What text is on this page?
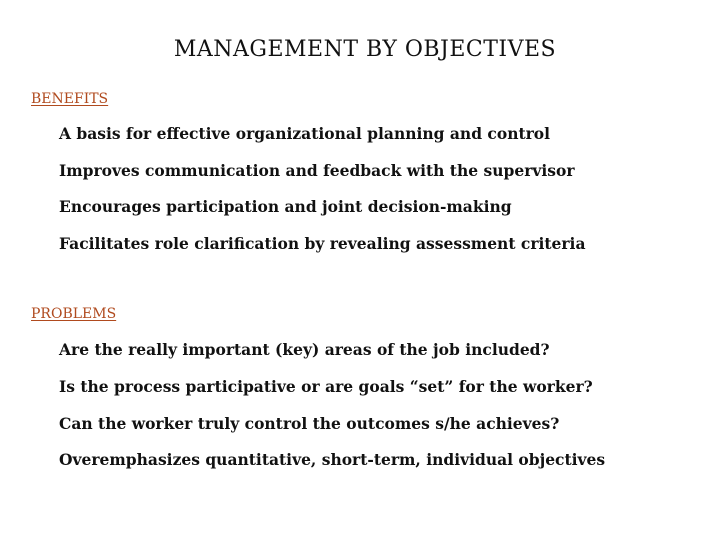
MANAGEMENT BY OBJECTIVES

BENEFITS

A basis for effective organizational planning and control

Improves communication and feedback with the supervisor

Encourages participation and joint decision-making

Facilitates role clarification by revealing assessment criteria

PROBLEMS

Are the really important (key) areas of the job included?

Is the process participative or are goals “set” for the worker?

Can the worker truly control the outcomes s/he achieves?

Overemphasizes quantitative, short-term, individual objectives
